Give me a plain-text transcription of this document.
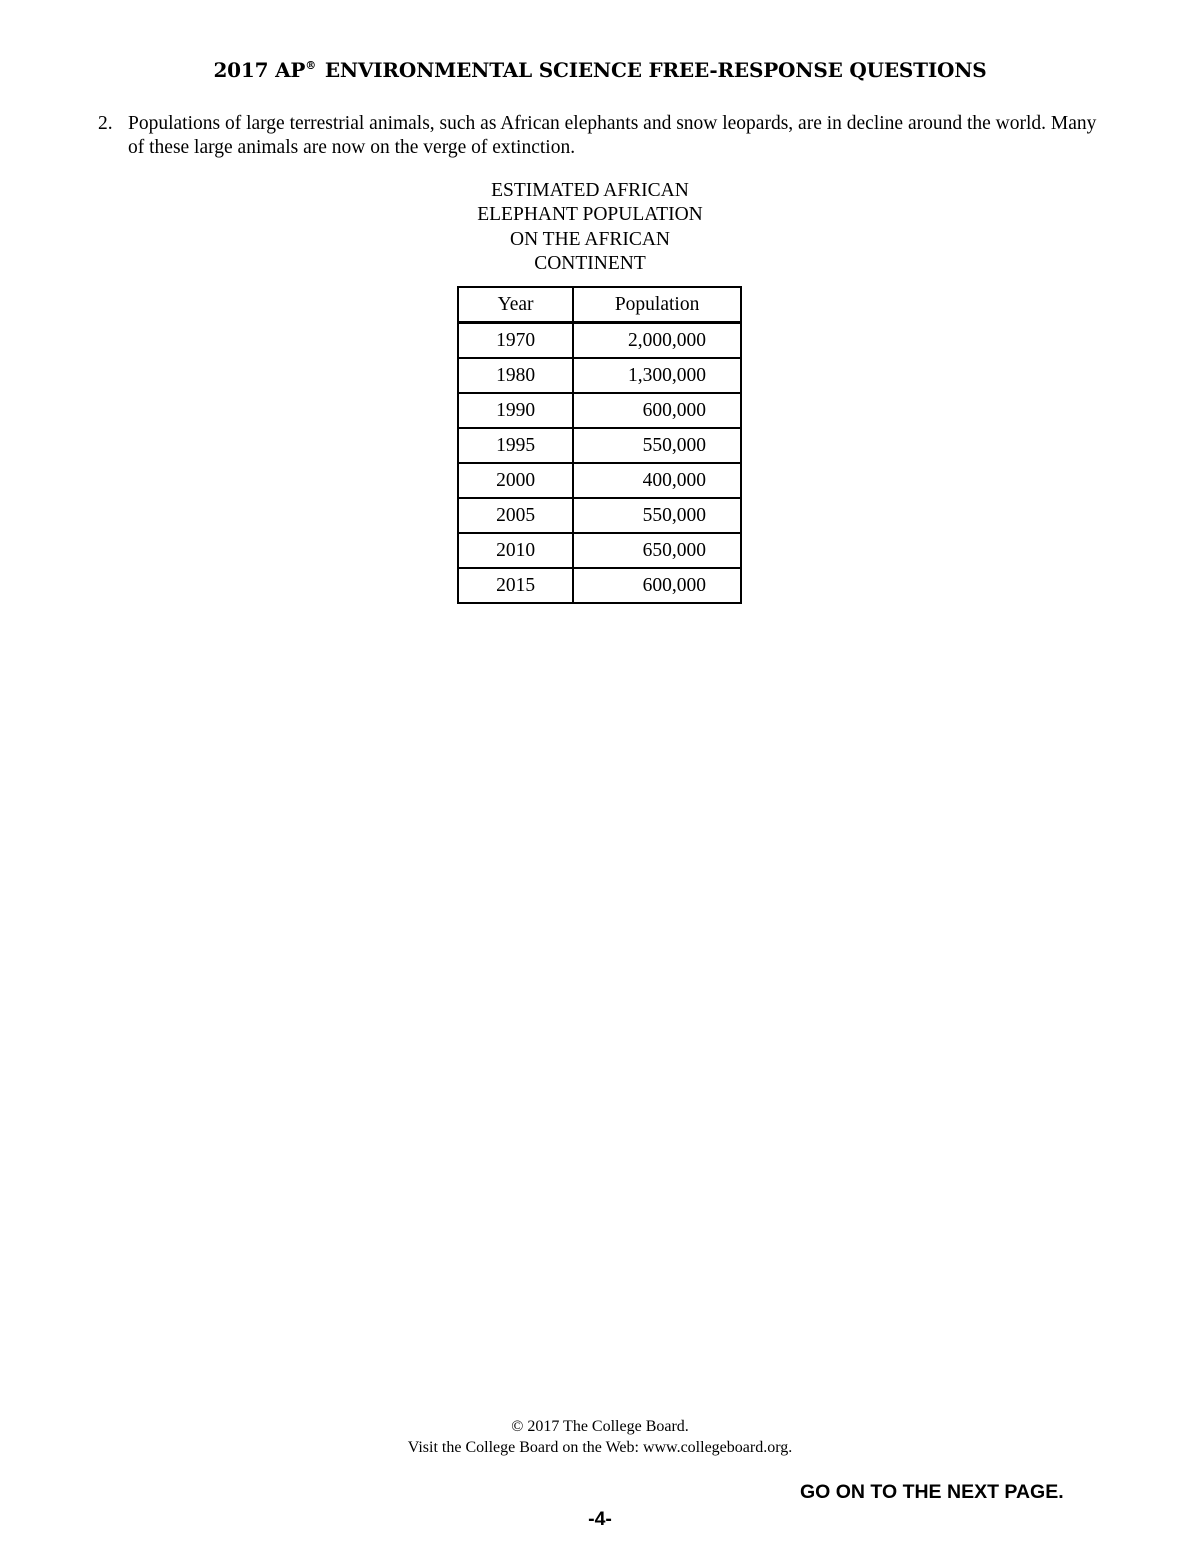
2017 AP® ENVIRONMENTAL SCIENCE FREE-RESPONSE QUESTIONS
2. Populations of large terrestrial animals, such as African elephants and snow leopards, are in decline around the world. Many of these large animals are now on the verge of extinction.
ESTIMATED AFRICAN
ELEPHANT POPULATION
ON THE AFRICAN
CONTINENT
Year	Population
1970	2,000,000
1980	1,300,000
1990	600,000
1995	550,000
2000	400,000
2005	550,000
2010	650,000
2015	600,000
© 2017 The College Board.
Visit the College Board on the Web: www.collegeboard.org.
GO ON TO THE NEXT PAGE.
-4-
